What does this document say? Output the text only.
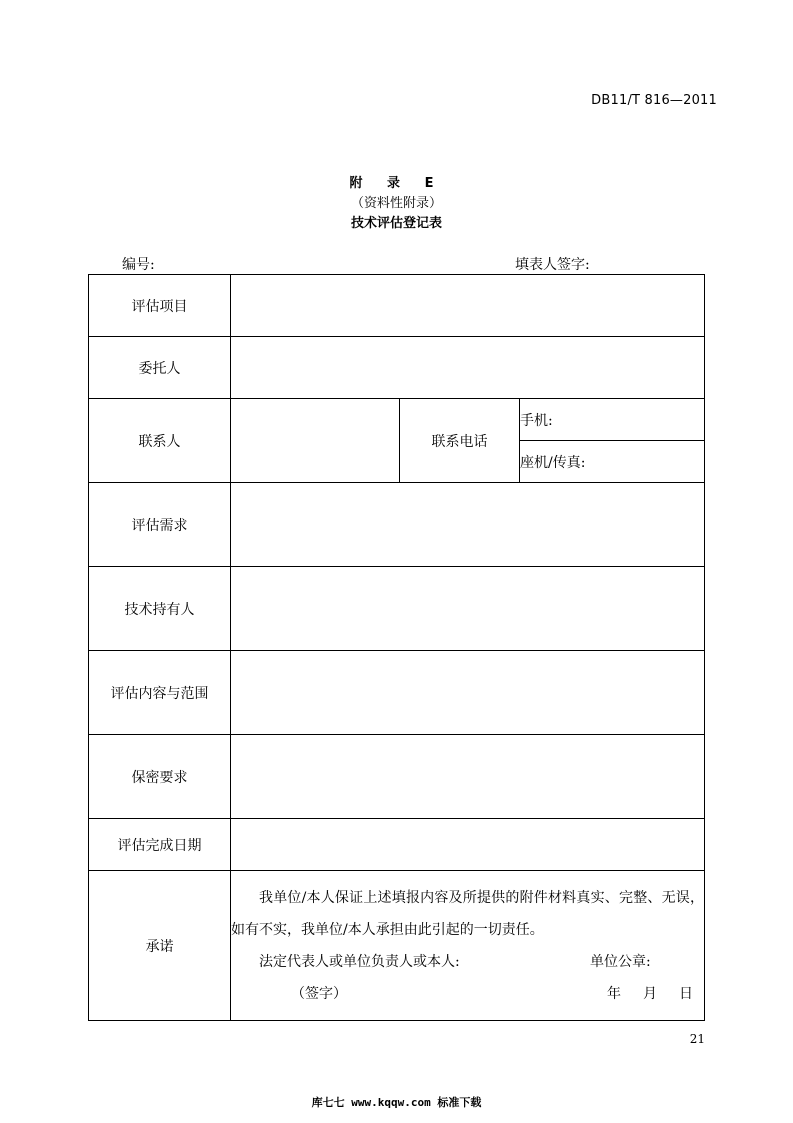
DB11/T 816—2011
附 录 E
（资料性附录）
技术评估登记表
编号:	填表人签字:
评估项目			
委托人			
联系人		联系电话	手机:
			座机/传真:
评估需求			
技术持有人			
评估内容与范围			
保密要求			
评估完成日期			
承诺	我单位/本人保证上述填报内容及所提供的附件材料真实、完整、无误，如有不实，我单位/本人承担由此引起的一切责任。
法定代表人或单位负责人或本人: 单位公章:
（签字） 年 月 日		
21
库七七 www.kqqw.com 标准下载
